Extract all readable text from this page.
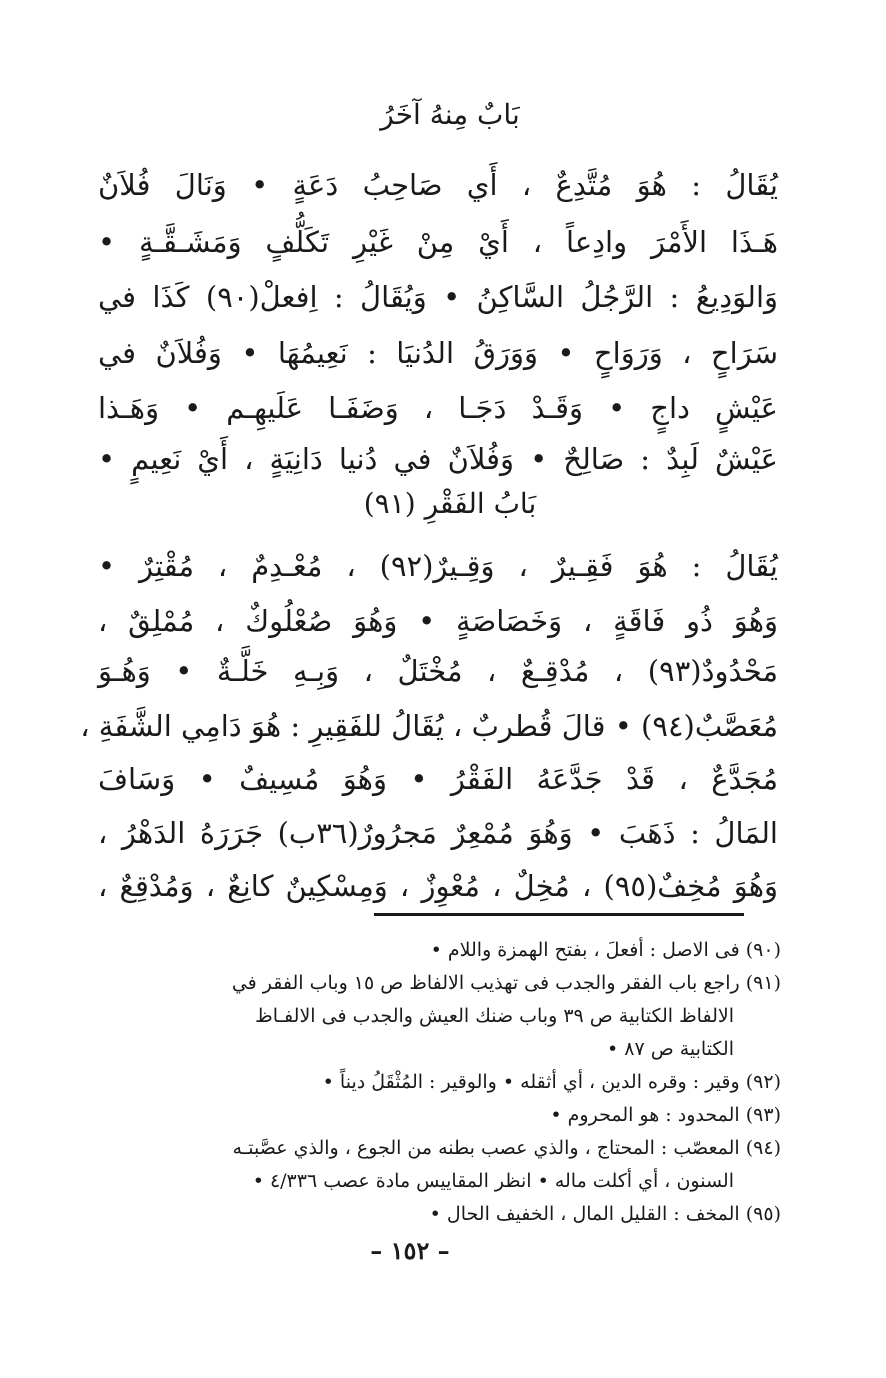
بَابٌ مِنهُ آخَرُ
يُقَالُ : هُوَ مُتَّدِعٌ ، أَي صَاحِبُ دَعَةٍ • وَنَالَ فُلاَنٌ
هَـذَا الأَمْرَ وادِعاً ، أَيْ مِنْ غَيْرِ تَكَلُّفٍ وَمَشَـقَّـةٍ •
وَالوَدِيعُ : الرَّجُلُ السَّاكِنُ • وَيُقَالُ : اِفعلْ(٩٠) كَذَا في
سَرَاحٍ ، وَرَوَاحٍ • وَوَرَقُ الدُنيَا : نَعِيمُهَا • وَفُلاَنٌ في
عَيْشٍ داجٍ • وَقَـدْ دَجَـا ، وَضَفَـا عَلَيهِـم • وَهَـذا
عَيْشٌ لَبِدٌ : صَالِحٌ • وَفُلاَنٌ في دُنيا دَانِيَةٍ ، أَيْ نَعِيمٍ •
بَابُ الفَقْرِ (٩١)
يُقَالُ : هُوَ فَقِـيرٌ ، وَقِـيرٌ(٩٢) ، مُعْـدِمٌ ، مُقْتِرٌ •
وَهُوَ ذُو فَاقَةٍ ، وَخَصَاصَةٍ • وَهُوَ صُعْلُوكٌ ، مُمْلِقٌ ،
مَحْدُودٌ(٩٣) ، مُدْقِـعٌ ، مُخْتَلٌ ، وَبِـهِ خَلَّـةٌ • وَهُـوَ
مُعَصَّبٌ(٩٤) • قالَ قُطربٌ ، يُقَالُ للفَقِيرِ : هُوَ دَامِي الشَّفَةِ ،
مُجَدَّعٌ ، قَدْ جَدَّعَهُ الفَقْرُ • وَهُوَ مُسِيفٌ • وَسَافَ
المَالُ : ذَهَبَ • وَهُوَ مُمْعِرٌ مَجرُورٌ(٣٦ب) جَرَرَهُ الدَهْرُ ،
وَهُوَ مُخِفٌ(٩٥) ، مُخِلٌ ، مُعْوِزٌ ، وَمِسْكِينٌ كانِعٌ ، وَمُدْقِعٌ ،
(٩٠) فى الاصل : أفعلَ ، بفتح الهمزة واللام •
(٩١) راجع باب الفقر والجدب فى تهذيب الالفاظ ص ١٥ وباب الفقر في
الالفاظ الكتابية ص ٣٩ وباب ضنك العيش والجدب فى الالفـاظ
الكتابية ص ٨٧ •
(٩٢) وقير : وقره الدين ، أي أثقله • والوقير : المُثْقَلُ ديناً •
(٩٣) المحدود : هو المحروم •
(٩٤) المعصّب : المحتاج ، والذي عصب بطنه من الجوع ، والذي عصَّبتـه
السنون ، أي أكلت ماله • انظر المقاييس مادة عصب ٤/٣٣٦ •
(٩٥) المخف : القليل المال ، الخفيف الحال •
– ١٥٢ –
